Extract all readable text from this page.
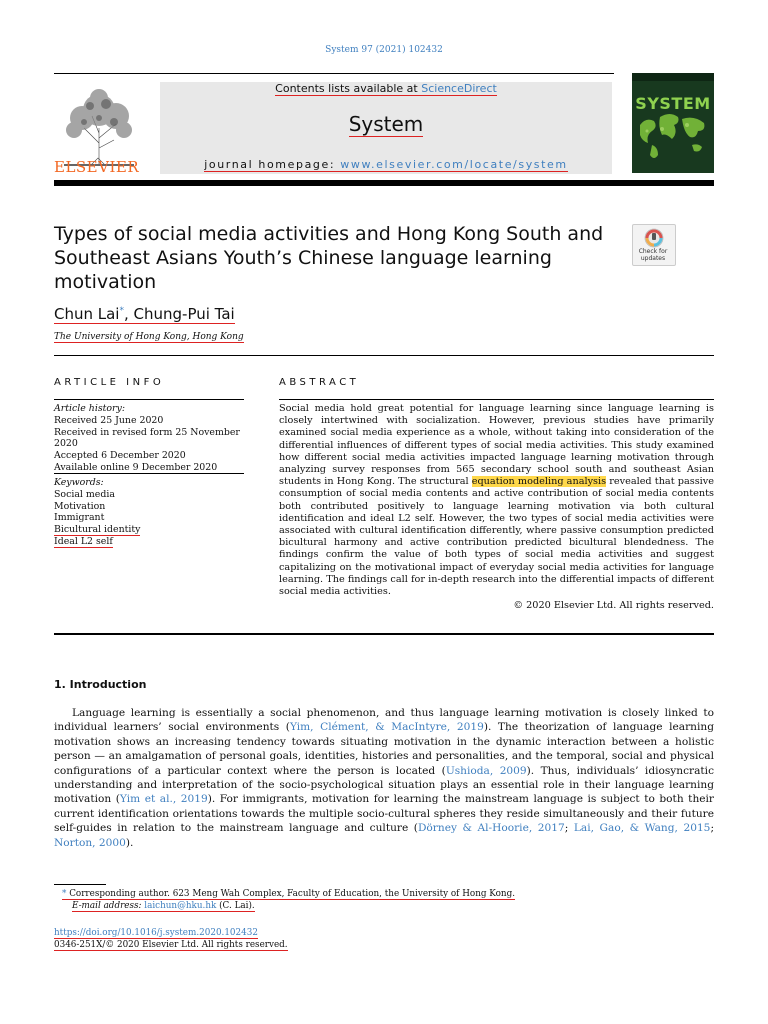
System 97 (2021) 102432
ELSEVIER
Contents lists available at ScienceDirect
System
journal homepage: www.elsevier.com/locate/system
SYSTEM
Types of social media activities and Hong Kong South and Southeast Asians Youth’s Chinese language learning motivation
Check for
updates
Chun Lai*, Chung-Pui Tai
The University of Hong Kong, Hong Kong
ARTICLE INFO	ABSTRACT
Article history:
Received 25 June 2020
Received in revised form 25 November 2020
Accepted 6 December 2020
Available online 9 December 2020
Keywords:
Social media
Motivation
Immigrant
Bicultural identity
Ideal L2 self
Social media hold great potential for language learning since language learning is closely intertwined with socialization. However, previous studies have primarily examined social media experience as a whole, without taking into consideration of the differential influences of different types of social media activities. This study examined how different social media activities impacted language learning motivation through analyzing survey responses from 565 secondary school south and southeast Asian students in Hong Kong. The structural equation modeling analysis revealed that passive consumption of social media contents and active contribution of social media contents both contributed positively to language learning motivation via both cultural identification and ideal L2 self. However, the two types of social media activities were associated with cultural identification differently, where passive consumption predicted bicultural harmony and active contribution predicted bicultural blendedness. The findings confirm the value of both types of social media activities and suggest capitalizing on the motivational impact of everyday social media activities for language learning. The findings call for in-depth research into the differential impacts of different social media activities.
© 2020 Elsevier Ltd. All rights reserved.
1. Introduction
Language learning is essentially a social phenomenon, and thus language learning motivation is closely linked to individual learners’ social environments (Yim, Clément, & MacIntyre, 2019). The theorization of language learning motivation shows an increasing tendency towards situating motivation in the dynamic interaction between a holistic person — an amalgamation of personal goals, identities, histories and personalities, and the temporal, social and physical configurations of a particular context where the person is located (Ushioda, 2009). Thus, individuals’ idiosyncratic understanding and interpretation of the socio-psychological situation plays an essential role in their language learning motivation (Yim et al., 2019). For immigrants, motivation for learning the mainstream language is subject to both their current identification orientations towards the multiple socio-cultural spheres they reside simultaneously and their future self-guides in relation to the mainstream language and culture (Dörney & Al-Hoorie, 2017; Lai, Gao, & Wang, 2015; Norton, 2000).
* Corresponding author. 623 Meng Wah Complex, Faculty of Education, the University of Hong Kong.
E-mail address: laichun@hku.hk (C. Lai).
https://doi.org/10.1016/j.system.2020.102432
0346-251X/© 2020 Elsevier Ltd. All rights reserved.
